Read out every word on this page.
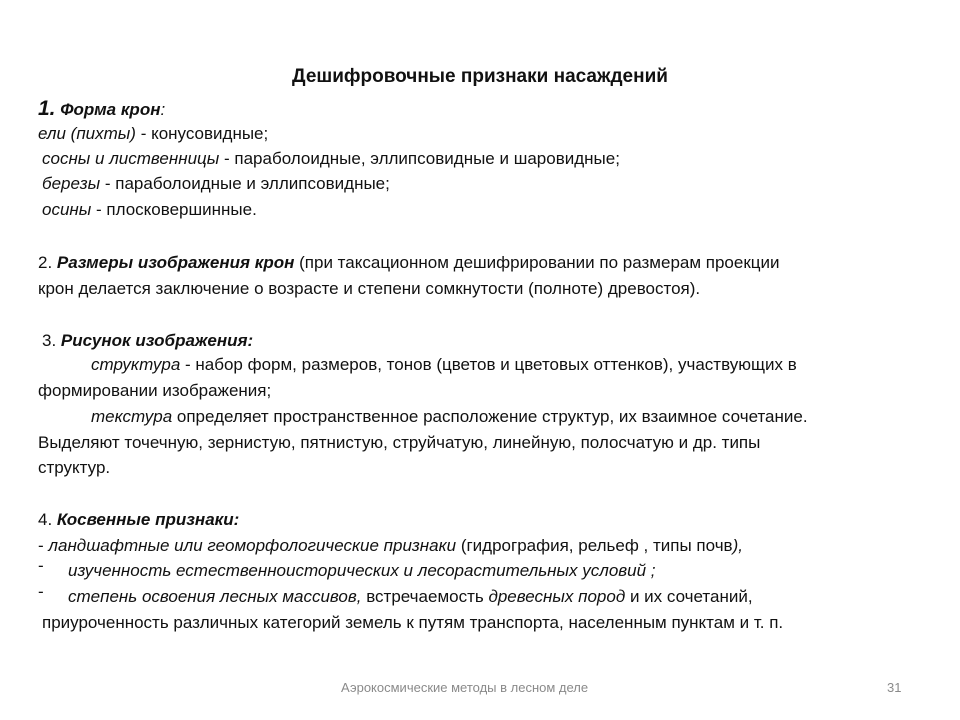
Дешифровочные признаки насаждений
1. Форма крон:
ели (пихты) - конусовидные;
сосны и лиственницы - параболоидные, эллипсовидные и шаровидные;
березы - параболоидные и эллипсовидные;
осины - плосковершинные.
2. Размеры изображения крон (при таксационном дешифрировании по размерам проекции
крон делается заключение о возрасте и степени сомкнутости (полноте) древостоя).
3. Рисунок изображения:
структура - набор форм, размеров, тонов (цветов и цветовых оттенков), участвующих в
формировании изображения;
текстура определяет пространственное расположение структур, их взаимное сочетание.
Выделяют точечную, зернистую, пятнистую, струйчатую, линейную, полосчатую и др. типы
структур.
4. Косвенные признаки:
- ландшафтные или геоморфологические признаки (гидрография, рельеф , типы почв),
- изученность естественноисторических и лесорастительных условий ;
- степень освоения лесных массивов, встречаемость древесных пород и их сочетаний,
приуроченность различных категорий земель к путям транспорта, населенным пунктам и т. п.
Аэрокосмические методы в лесном деле	31
